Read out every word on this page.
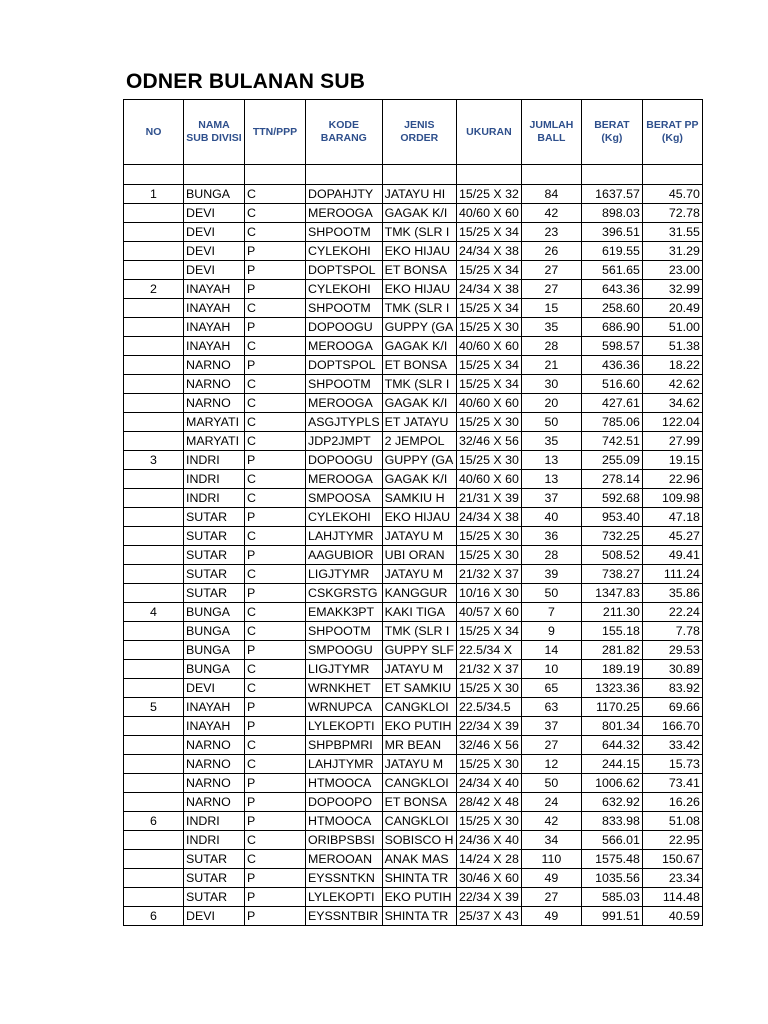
ODNER BULANAN SUB
NO	NAMA SUB DIVISI	TTN/PPP	KODE BARANG	JENIS ORDER	UKURAN	JUMLAH BALL	BERAT (Kg)	BERAT PP (Kg)

1	BUNGA	C	DOPAHJTY	JATAYU HI	15/25 X 32	84	1637.57	45.70
	DEVI	C	MEROOGA	GAGAK K/I	40/60 X 60	42	898.03	72.78
	DEVI	C	SHPOOTM	TMK (SLR I	15/25 X 34	23	396.51	31.55
	DEVI	P	CYLEKOHI	EKO HIJAU	24/34 X 38	26	619.55	31.29
	DEVI	P	DOPTSPOL	ET BONSA	15/25 X 34	27	561.65	23.00
2	INAYAH	P	CYLEKOHI	EKO HIJAU	24/34 X 38	27	643.36	32.99
	INAYAH	C	SHPOOTM	TMK (SLR I	15/25 X 34	15	258.60	20.49
	INAYAH	P	DOPOOGU	GUPPY (GA	15/25 X 30	35	686.90	51.00
	INAYAH	C	MEROOGA	GAGAK K/I	40/60 X 60	28	598.57	51.38
	NARNO	P	DOPTSPOL	ET BONSA	15/25 X 34	21	436.36	18.22
	NARNO	C	SHPOOTM	TMK (SLR I	15/25 X 34	30	516.60	42.62
	NARNO	C	MEROOGA	GAGAK K/I	40/60 X 60	20	427.61	34.62
	MARYATI	C	ASGJTYPLS	ET JATAYU	15/25 X 30	50	785.06	122.04
	MARYATI	C	JDP2JMPT	2 JEMPOL	32/46 X 56	35	742.51	27.99
3	INDRI	P	DOPOOGU	GUPPY (GA	15/25 X 30	13	255.09	19.15
	INDRI	C	MEROOGA	GAGAK K/I	40/60 X 60	13	278.14	22.96
	INDRI	C	SMPOOSA	SAMKIU H	21/31 X 39	37	592.68	109.98
	SUTAR	P	CYLEKOHI	EKO HIJAU	24/34 X 38	40	953.40	47.18
	SUTAR	C	LAHJTYMR	JATAYU M	15/25 X 30	36	732.25	45.27
	SUTAR	P	AAGUBIOR	UBI ORAN	15/25 X 30	28	508.52	49.41
	SUTAR	C	LIGJTYMR	JATAYU M	21/32 X 37	39	738.27	111.24
	SUTAR	P	CSKGRSTG	KANGGUR	10/16 X 30	50	1347.83	35.86
4	BUNGA	C	EMAKK3PT	KAKI TIGA	40/57 X 60	7	211.30	22.24
	BUNGA	C	SHPOOTM	TMK (SLR I	15/25 X 34	9	155.18	7.78
	BUNGA	P	SMPOOGU	GUPPY SLF	22.5/34 X	14	281.82	29.53
	BUNGA	C	LIGJTYMR	JATAYU M	21/32 X 37	10	189.19	30.89
	DEVI	C	WRNKHET	ET SAMKIU	15/25 X 30	65	1323.36	83.92
5	INAYAH	P	WRNUPCA	CANGKLOI	22.5/34.5	63	1170.25	69.66
	INAYAH	P	LYLEKOPTI	EKO PUTIH	22/34 X 39	37	801.34	166.70
	NARNO	C	SHPBPMRI	MR BEAN	32/46 X 56	27	644.32	33.42
	NARNO	C	LAHJTYMR	JATAYU M	15/25 X 30	12	244.15	15.73
	NARNO	P	HTMOOCA	CANGKLOI	24/34 X 40	50	1006.62	73.41
	NARNO	P	DOPOOPO	ET BONSA	28/42 X 48	24	632.92	16.26
6	INDRI	P	HTMOOCA	CANGKLOI	15/25 X 30	42	833.98	51.08
	INDRI	C	ORIBPSBSI	SOBISCO H	24/36 X 40	34	566.01	22.95
	SUTAR	C	MEROOAN	ANAK MAS	14/24 X 28	110	1575.48	150.67
	SUTAR	P	EYSSNTKN	SHINTA TR	30/46 X 60	49	1035.56	23.34
	SUTAR	P	LYLEKOPTI	EKO PUTIH	22/34 X 39	27	585.03	114.48
6	DEVI	P	EYSSNTBIR	SHINTA TR	25/37 X 43	49	991.51	40.59
